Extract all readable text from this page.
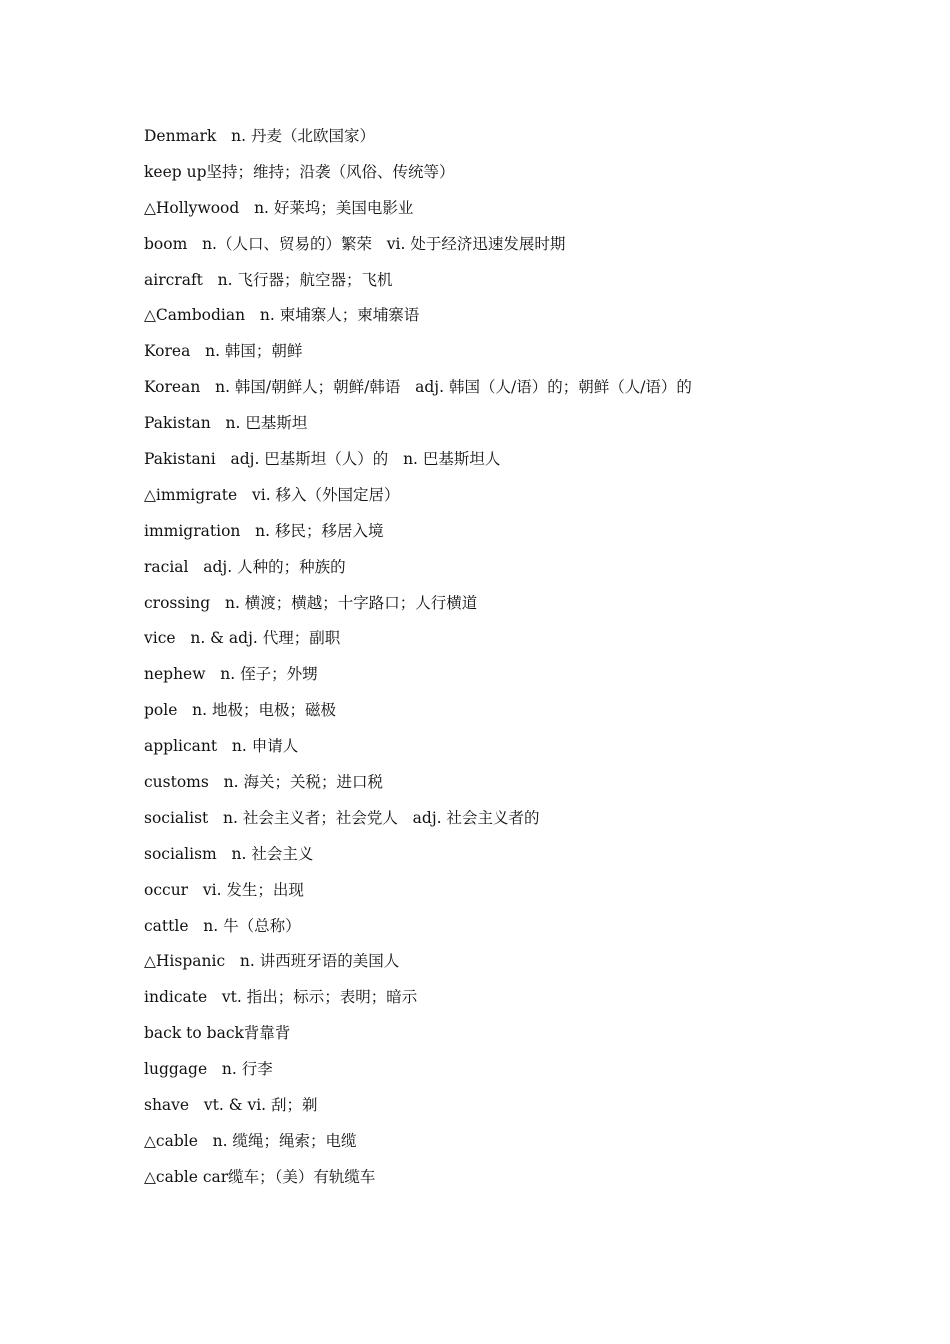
Denmark   n. 丹麦（北欧国家）
keep up坚持；维持；沿袭（风俗、传统等）
△Hollywood   n. 好莱坞；美国电影业
boom   n.（人口、贸易的）繁荣   vi. 处于经济迅速发展时期
aircraft   n. 飞行器；航空器；飞机
△Cambodian   n. 柬埔寨人；柬埔寨语
Korea   n. 韩国；朝鲜
Korean   n. 韩国/朝鲜人；朝鲜/韩语   adj. 韩国（人/语）的；朝鲜（人/语）的
Pakistan   n. 巴基斯坦
Pakistani   adj. 巴基斯坦（人）的   n. 巴基斯坦人
△immigrate   vi. 移入（外国定居）
immigration   n. 移民；移居入境
racial   adj. 人种的；种族的
crossing   n. 横渡；横越；十字路口；人行横道
vice   n. & adj. 代理；副职
nephew   n. 侄子；外甥
pole   n. 地极；电极；磁极
applicant   n. 申请人
customs   n. 海关；关税；进口税
socialist   n. 社会主义者；社会党人   adj. 社会主义者的
socialism   n. 社会主义
occur   vi. 发生；出现
cattle   n. 牛（总称）
△Hispanic   n. 讲西班牙语的美国人
indicate   vt. 指出；标示；表明；暗示
back to back背靠背
luggage   n. 行李
shave   vt. & vi. 刮；剃
△cable   n. 缆绳；绳索；电缆
△cable car缆车；（美）有轨缆车
